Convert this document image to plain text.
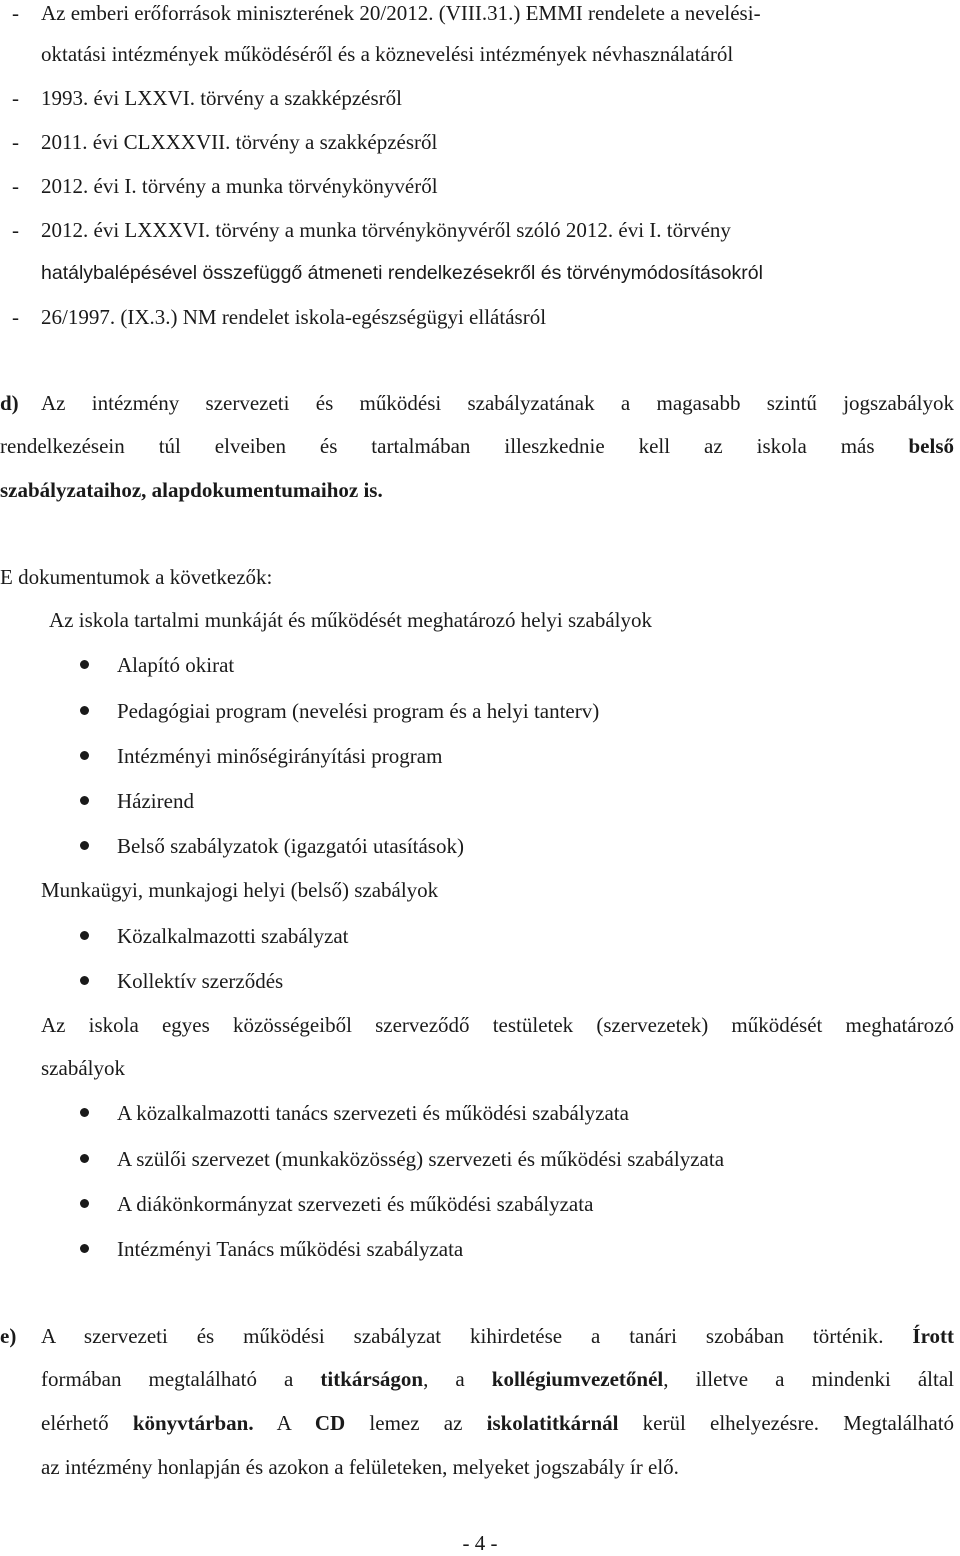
-	Az emberi erőforrások miniszterének 20/2012. (VIII.31.) EMMI rendelete a nevelési-
oktatási intézmények működéséről és a köznevelési intézmények névhasználatáról
-	1993. évi LXXVI. törvény a szakképzésről
-	2011. évi CLXXXVII. törvény a szakképzésről
-	2012. évi I. törvény a munka törvénykönyvéről
-	2012. évi LXXXVI. törvény a munka törvénykönyvéről szóló 2012. évi I. törvény
hatálybalépésével összefüggő átmeneti rendelkezésekről és törvénymódosításokról
-	26/1997. (IX.3.) NM rendelet iskola-egészségügyi ellátásról
d) Az intézmény szervezeti és működési szabályzatának a magasabb szintű jogszabályok
rendelkezésein túl elveiben és tartalmában illeszkednie kell az iskola más belső
szabályzataihoz, alapdokumentumaihoz is.
E dokumentumok a következők:
Az iskola tartalmi munkáját és működését meghatározó helyi szabályok
Alapító okirat
Pedagógiai program (nevelési program és a helyi tanterv)
Intézményi minőségirányítási program
Házirend
Belső szabályzatok (igazgatói utasítások)
Munkaügyi, munkajogi helyi (belső) szabályok
Közalkalmazotti szabályzat
Kollektív szerződés
Az iskola egyes közösségeiből szerveződő testületek (szervezetek) működését meghatározó
szabályok
A közalkalmazotti tanács szervezeti és működési szabályzata
A szülői szervezet (munkaközösség) szervezeti és működési szabályzata
A diákönkormányzat szervezeti és működési szabályzata
Intézményi Tanács működési szabályzata
e) A szervezeti és működési szabályzat kihirdetése a tanári szobában történik. Írott
formában megtalálható a titkárságon, a kollégiumvezetőnél, illetve a mindenki által
elérhető könyvtárban. A CD lemez az iskolatitkárnál kerül elhelyezésre. Megtalálható
az intézmény honlapján és azokon a felületeken, melyeket jogszabály ír elő.
- 4 -
